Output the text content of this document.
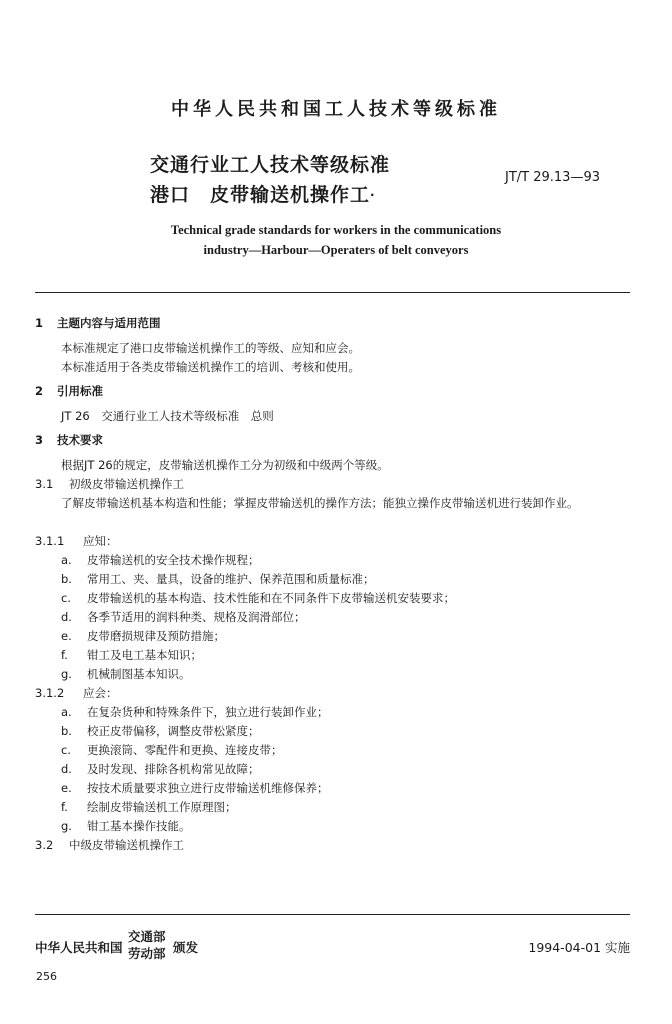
中华人民共和国工人技术等级标准
交通行业工人技术等级标准
港口　皮带输送机操作工·
JT/T 29.13—93
Technical grade standards for workers in the communications
industry—Harbour—Operaters of belt conveyors
1 主题内容与适用范围
本标准规定了港口皮带输送机操作工的等级、应知和应会。
本标准适用于各类皮带输送机操作工的培训、考核和使用。
2 引用标准
JT 26　交通行业工人技术等级标准　总则
3 技术要求
根据JT 26的规定，皮带输送机操作工分为初级和中级两个等级。
3.1 初级皮带输送机操作工
了解皮带输送机基本构造和性能；掌握皮带输送机的操作方法；能独立操作皮带输送机进行装卸作业。
3.1.1 应知：
a. 皮带输送机的安全技术操作规程；
b. 常用工、夹、量具，设备的维护、保养范围和质量标准；
c. 皮带输送机的基本构造、技术性能和在不同条件下皮带输送机安装要求；
d. 各季节适用的润料种类、规格及润滑部位；
e. 皮带磨损规律及预防措施；
f. 钳工及电工基本知识；
g. 机械制图基本知识。
3.1.2 应会：
a. 在复杂货种和特殊条件下，独立进行装卸作业；
b. 校正皮带偏移，调整皮带松紧度；
c. 更换滚筒、零配件和更换、连接皮带；
d. 及时发现、排除各机构常见故障；
e. 按技术质量要求独立进行皮带输送机维修保养；
f. 绘制皮带输送机工作原理图；
g. 钳工基本操作技能。
3.2 中级皮带输送机操作工
中华人民共和国
交通部
劳动部 颁发	1994-04-01 实施
256
